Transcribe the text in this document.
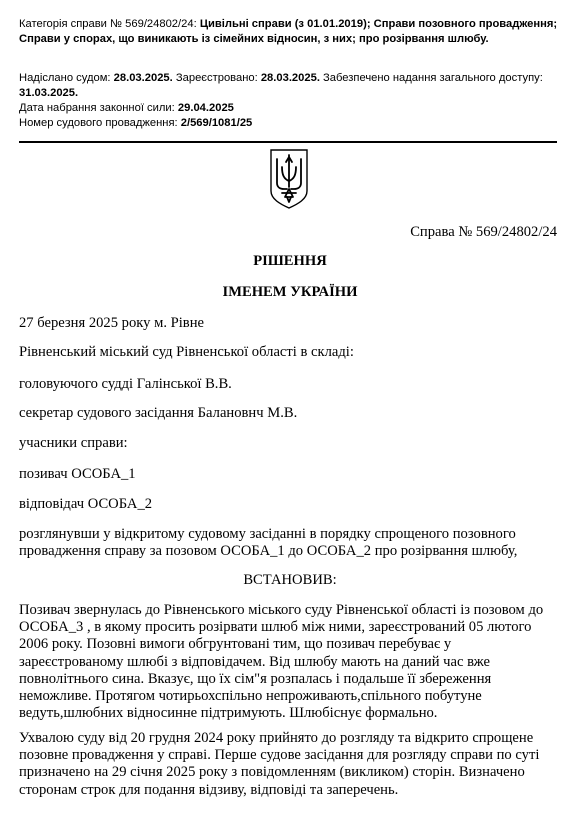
Категорія справи № 569/24802/24: Цивільні справи (з 01.01.2019); Справи позовного провадження; Справи у спорах, що виникають із сімейних відносин, з них; про розірвання шлюбу.
Надіслано судом: 28.03.2025. Зареєстровано: 28.03.2025. Забезпечено надання загального доступу: 31.03.2025.
Дата набрання законної сили: 29.04.2025
Номер судового провадження: 2/569/1081/25
Справа № 569/24802/24
РІШЕННЯ
ІМЕНЕМ УКРАЇНИ
27 березня 2025 року м. Рівне
Рівненський міський суд Рівненської області в складі:
головуючого судді Галінської В.В.
секретар судового засідання Балановнч М.В.
учасники справи:
позивач ОСОБА_1
відповідач ОСОБА_2
розглянувши у відкритому судовому засіданні в порядку спрощеного позовного провадження справу за позовом ОСОБА_1 до ОСОБА_2 про розірвання шлюбу,
ВСТАНОВИВ:
Позивач звернулась до Рівненського міського суду Рівненської області із позовом до ОСОБА_3 , в якому просить розірвати шлюб між ними, зареєстрований 05 лютого 2006 року. Позовні вимоги обгрунтовані тим, що позивач перебуває у зареєстрованому шлюбі з відповідачем. Від шлюбу мають на даний час вже повнолітнього сина. Вказує, що їх сім"я розпалась і подальше її збереження неможливе. Протягом чотирьохспільно непроживають,спільного побутуне ведуть,шлюбних відносинне підтримують. Шлюбіснує формально.
Ухвалою суду від 20 грудня 2024 року прийнято до розгляду та відкрито спрощене позовне провадження у справі. Перше судове засідання для розгляду справи по суті призначено на 29 січня 2025 року з повідомленням (викликом) сторін. Визначено сторонам строк для подання відзиву, відповіді та заперечень.
